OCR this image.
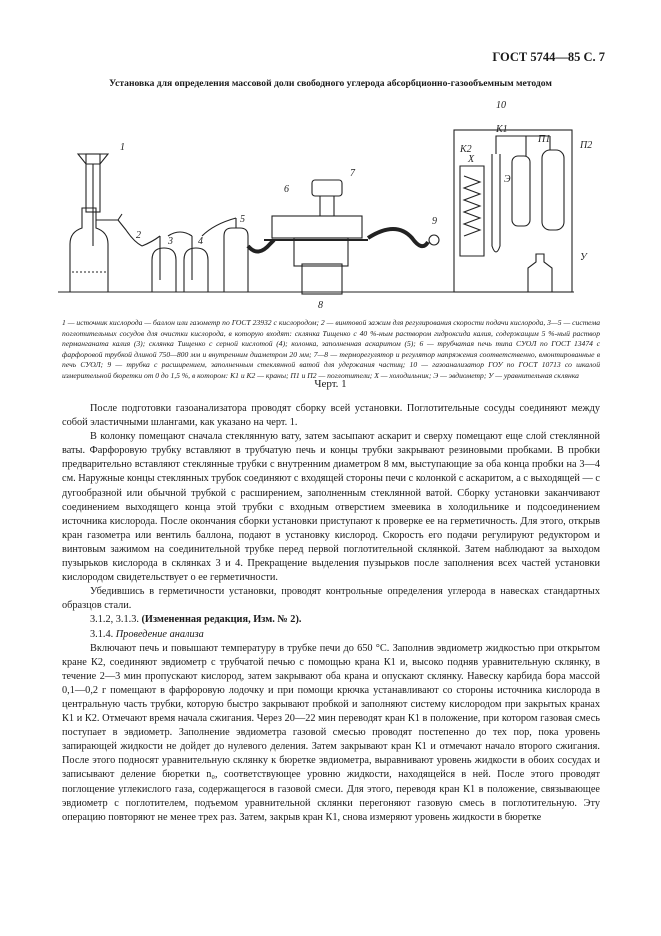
ГОСТ 5744—85 С. 7
Установка для определения массовой доли свободного углерода абсорбционно-газообъемным методом
1
2
3	4
5
6
7
8
9
10
К1
К2
П1
П2
Х
Э
У
1 — источник кислорода — баллон или газометр по ГОСТ 23932 с кислородом; 2 — винтовой зажим для регулирования скорости подачи кислорода, 3—5 — система поглотительных сосудов для очистки кислорода, в которую входят: склянка Тищенко с 40 %-ным раствором гидроксида калия, содержащим 5 %-ный раствор перманганата калия (3); склянка Тищенко с серной кислотой (4); колонка, заполненная аскаритом (5); 6 — трубчатая печь типа СУОЛ по ГОСТ 13474 с фарфоровой трубкой длиной 750—800 мм и внутренним диаметром 20 мм; 7—8 — терморегулятор и регулятор напряжения соответственно, вмонтированные в печь СУОЛ; 9 — трубка с расширением, заполненным стеклянной ватой для удержания частиц; 10 — газоанализатор ГОУ по ГОСТ 10713 со шкалой измерительной бюретки от 0 до 1,5 %, в котором: К1 и К2 — краны; П1 и П2 — поглотители; Х — холодильник; Э — эвдиометр; У — уравнительная склянка
Черт. 1

После подготовки газоанализатора проводят сборку всей установки. Поглотительные сосуды соединяют между собой эластичными шлангами, как указано на черт. 1.

В колонку помещают сначала стеклянную вату, затем засыпают аскарит и сверху помещают еще слой стеклянной ваты. Фарфоровую трубку вставляют в трубчатую печь и концы трубки закрывают резиновыми пробками. В пробки предварительно вставляют стеклянные трубки с внутренним диаметром 8 мм, выступающие за оба конца пробки на 3—4 см. Наружные концы стеклянных трубок соединяют с входящей стороны печи с колонкой с аскаритом, а с выходящей — с дугообразной или обычной трубкой с расширением, заполненным стеклянной ватой. Сборку установки заканчивают соединением выходящего конца этой трубки с входным отверстием змеевика в холодильнике и подсоединением источника кислорода. После окончания сборки установки приступают к проверке ее на герметичность. Для этого, открыв кран газометра или вентиль баллона, подают в установку кислород. Скорость его подачи регулируют редуктором и винтовым зажимом на соединительной трубке перед первой поглотительной склянкой. Затем наблюдают за выходом пузырьков кислорода в склянках 3 и 4. Прекращение выделения пузырьков после заполнения всех частей установки кислородом свидетельствует о ее герметичности.

Убедившись в герметичности установки, проводят контрольные определения углерода в навесках стандартных образцов стали.

3.1.2, 3.1.3. (Измененная редакция, Изм. № 2).

3.1.4. Проведение анализа

Включают печь и повышают температуру в трубке печи до 650 °С. Заполнив эвдиометр жидкостью при открытом кране К2, соединяют эвдиометр с трубчатой печью с помощью крана К1 и, высоко подняв уравнительную склянку, в течение 2—3 мин пропускают кислород, затем закрывают оба крана и опускают склянку. Навеску карбида бора массой 0,1—0,2 г помещают в фарфоровую лодочку и при помощи крючка устанавливают со стороны источника кислорода в центральную часть трубки, которую быстро закрывают пробкой и заполняют систему кислородом при закрытых кранах К1 и К2. Отмечают время начала сжигания. Через 20—22 мин переводят кран К1 в положение, при котором газовая смесь поступает в эвдиометр. Заполнение эвдиометра газовой смесью проводят постепенно до тех пор, пока уровень запирающей жидкости не дойдет до нулевого деления. Затем закрывают кран К1 и отмечают начало второго сжигания. После этого подносят уравнительную склянку к бюретке эвдиометра, выравнивают уровень жидкости в обоих сосудах и записывают деление бюретки n₀, соответствующее уровню жидкости, находящейся в ней. После этого проводят поглощение углекислого газа, содержащегося в газовой смеси. Для этого, переводя кран К1 в положение, связывающее эвдиометр с поглотителем, подъемом уравнительной склянки перегоняют газовую смесь в поглотительную. Эту операцию повторяют не менее трех раз. Затем, закрыв кран К1, снова измеряют уровень жидкости в бюретке
